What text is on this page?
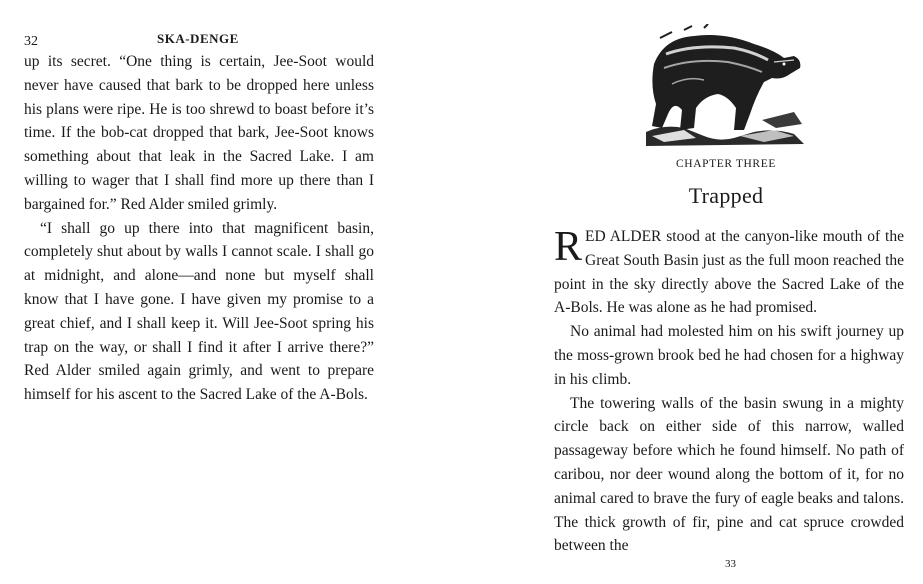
32	SKA-DENGE

up its secret. “One thing is certain, Jee-Soot would never have caused that bark to be dropped here unless his plans were ripe. He is too shrewd to boast before it’s time. If the bob-cat dropped that bark, Jee-Soot knows something about that leak in the Sacred Lake. I am willing to wager that I shall find more up there than I bargained for.” Red Alder smiled grimly.

“I shall go up there into that magnificent basin, completely shut about by walls I cannot scale. I shall go at midnight, and alone—and none but myself shall know that I have gone. I have given my promise to a great chief, and I shall keep it. Will Jee-Soot spring his trap on the way, or shall I find it after I arrive there?” Red Alder smiled again grimly, and went to prepare himself for his ascent to the Sacred Lake of the A-Bols.

CHAPTER THREE
Trapped

RED ALDER stood at the canyon-like mouth of the Great South Basin just as the full moon reached the point in the sky directly above the Sacred Lake of the A-Bols. He was alone as he had promised.

No animal had molested him on his swift journey up the moss-grown brook bed he had chosen for a highway in his climb.

The towering walls of the basin swung in a mighty circle back on either side of this narrow, walled passageway before which he found himself. No path of caribou, nor deer wound along the bottom of it, for no animal cared to brave the fury of eagle beaks and talons. The thick growth of fir, pine and cat spruce crowded between the

33
